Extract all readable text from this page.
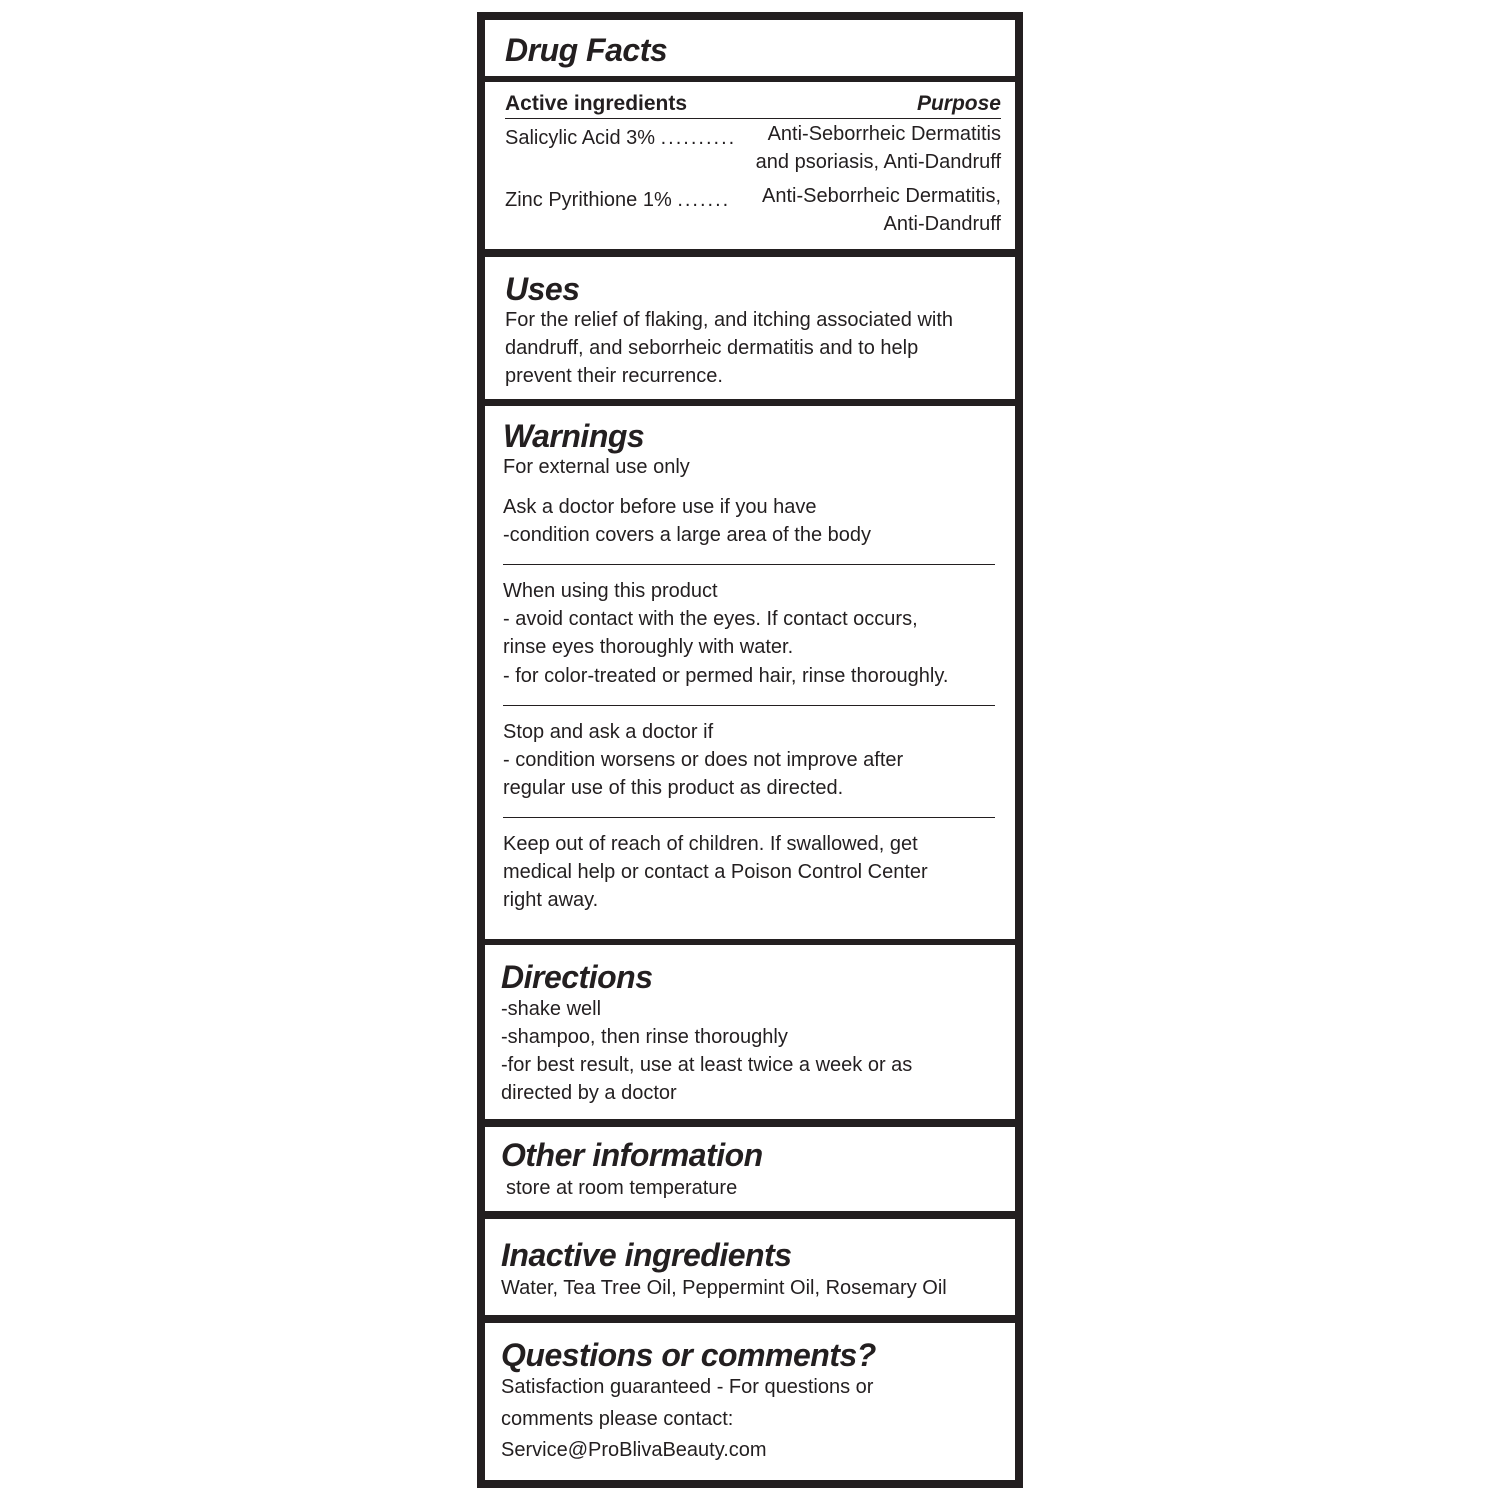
Drug Facts
Active ingredients	Purpose
Salicylic Acid 3% ..........	Anti-Seborrheic Dermatitis
and psoriasis, Anti-Dandruff
Zinc Pyrithione 1% ....... Anti-Seborrheic Dermatitis,
Anti-Dandruff
Uses
For the relief of flaking, and itching associated with
dandruff, and seborrheic dermatitis and to help
prevent their recurrence.
Warnings
For external use only
Ask a doctor before use if you have
-condition covers a large area of the body
When using this product
- avoid contact with the eyes. If contact occurs,
rinse eyes thoroughly with water.
- for color-treated or permed hair, rinse thoroughly.
Stop and ask a doctor if
- condition worsens or does not improve after
regular use of this product as directed.
Keep out of reach of children. If swallowed, get
medical help or contact a Poison Control Center
right away.
Directions
-shake well
-shampoo, then rinse thoroughly
-for best result, use at least twice a week or as
directed by a doctor
Other information
store at room temperature
Inactive ingredients
Water, Tea Tree Oil, Peppermint Oil, Rosemary Oil
Questions or comments?
Satisfaction guaranteed - For questions or
comments please contact:
Service@ProBlivaBeauty.com
